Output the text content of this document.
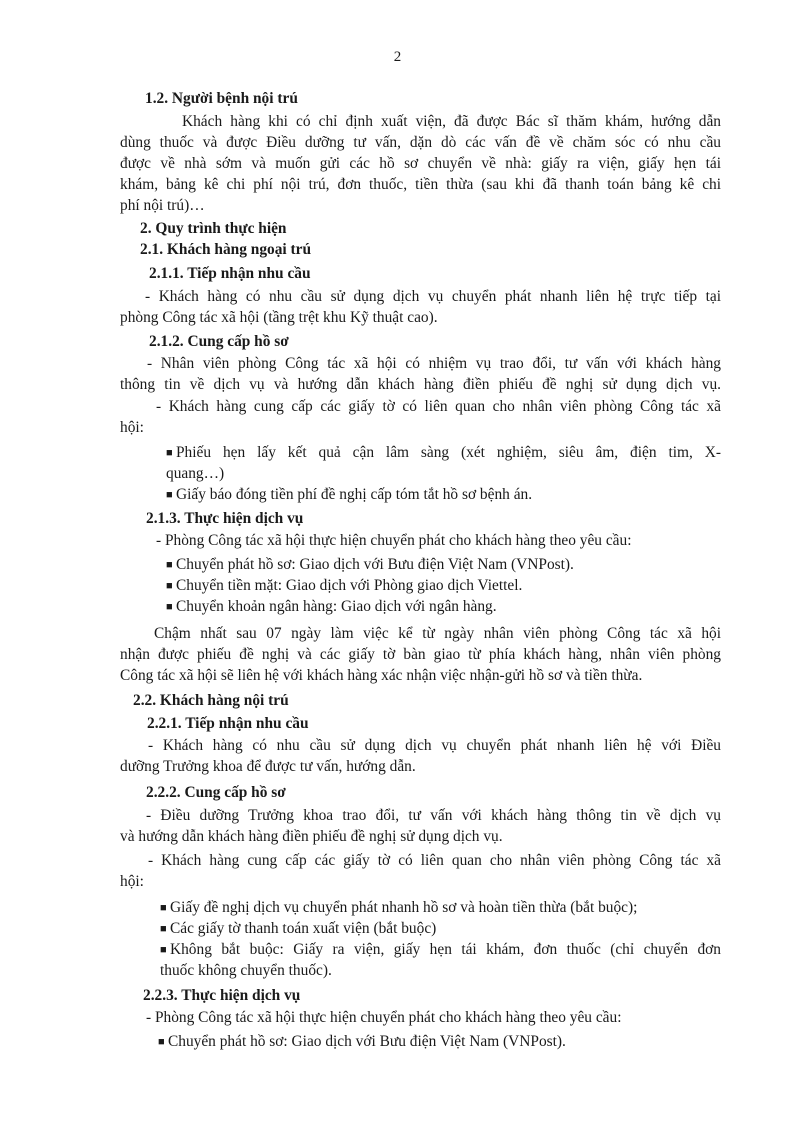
2
1.2. Người bệnh nội trú
Khách hàng khi có chỉ định xuất viện, đã được Bác sĩ thăm khám, hướng dẫn
dùng thuốc và được Điều dưỡng tư vấn, dặn dò các vấn đề về chăm sóc có nhu cầu
được về nhà sớm và muốn gửi các hồ sơ chuyển về nhà: giấy ra viện, giấy hẹn tái
khám, bảng kê chi phí nội trú, đơn thuốc, tiền thừa (sau khi đã thanh toán bảng kê chi
phí nội trú)…
2. Quy trình thực hiện
2.1. Khách hàng ngoại trú
2.1.1. Tiếp nhận nhu cầu
- Khách hàng có nhu cầu sử dụng dịch vụ chuyển phát nhanh liên hệ trực tiếp tại
phòng Công tác xã hội (tầng trệt khu Kỹ thuật cao).
2.1.2. Cung cấp hồ sơ
- Nhân viên phòng Công tác xã hội có nhiệm vụ trao đổi, tư vấn với khách hàng
thông tin về dịch vụ và hướng dẫn khách hàng điền phiếu đề nghị sử dụng dịch vụ.
- Khách hàng cung cấp các giấy tờ có liên quan cho nhân viên phòng Công tác xã
hội:
■ Phiếu hẹn lấy kết quả cận lâm sàng (xét nghiệm, siêu âm, điện tim, X-
quang…)
■ Giấy báo đóng tiền phí đề nghị cấp tóm tắt hồ sơ bệnh án.
2.1.3. Thực hiện dịch vụ
- Phòng Công tác xã hội thực hiện chuyển phát cho khách hàng theo yêu cầu:
■ Chuyển phát hồ sơ: Giao dịch với Bưu điện Việt Nam (VNPost).
■ Chuyển tiền mặt: Giao dịch với Phòng giao dịch Viettel.
■ Chuyển khoản ngân hàng: Giao dịch với ngân hàng.
Chậm nhất sau 07 ngày làm việc kể từ ngày nhân viên phòng Công tác xã hội
nhận được phiếu đề nghị và các giấy tờ bàn giao từ phía khách hàng, nhân viên phòng
Công tác xã hội sẽ liên hệ với khách hàng xác nhận việc nhận-gửi hồ sơ và tiền thừa.
2.2. Khách hàng nội trú
2.2.1. Tiếp nhận nhu cầu
- Khách hàng có nhu cầu sử dụng dịch vụ chuyển phát nhanh liên hệ với Điều
dưỡng Trưởng khoa để được tư vấn, hướng dẫn.
2.2.2. Cung cấp hồ sơ
- Điều dưỡng Trưởng khoa trao đổi, tư vấn với khách hàng thông tin về dịch vụ
và hướng dẫn khách hàng điền phiếu đề nghị sử dụng dịch vụ.
- Khách hàng cung cấp các giấy tờ có liên quan cho nhân viên phòng Công tác xã
hội:
■ Giấy đề nghị dịch vụ chuyển phát nhanh hồ sơ và hoàn tiền thừa (bắt buộc);
■ Các giấy tờ thanh toán xuất viện (bắt buộc)
■ Không bắt buộc: Giấy ra viện, giấy hẹn tái khám, đơn thuốc (chỉ chuyển đơn
thuốc không chuyển thuốc).
2.2.3. Thực hiện dịch vụ
- Phòng Công tác xã hội thực hiện chuyển phát cho khách hàng theo yêu cầu:
■ Chuyển phát hồ sơ: Giao dịch với Bưu điện Việt Nam (VNPost).
